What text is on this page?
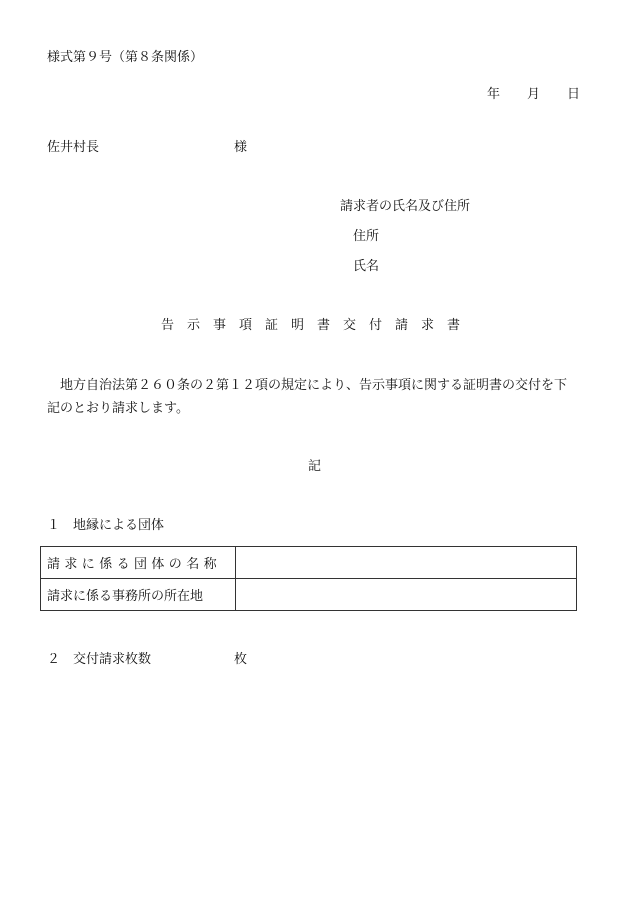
様式第９号（第８条関係）
年 月 日
佐井村長	様
請求者の氏名及び住所
住所
氏名
告示事項証明書交付請求書
地方自治法第２６０条の２第１２項の規定により、告示事項に関する証明書の交付を下
記のとおり請求します。
記
１ 地縁による団体
請求に係る団体の名称	
請求に係る事務所の所在地	
２ 交付請求枚数	枚
